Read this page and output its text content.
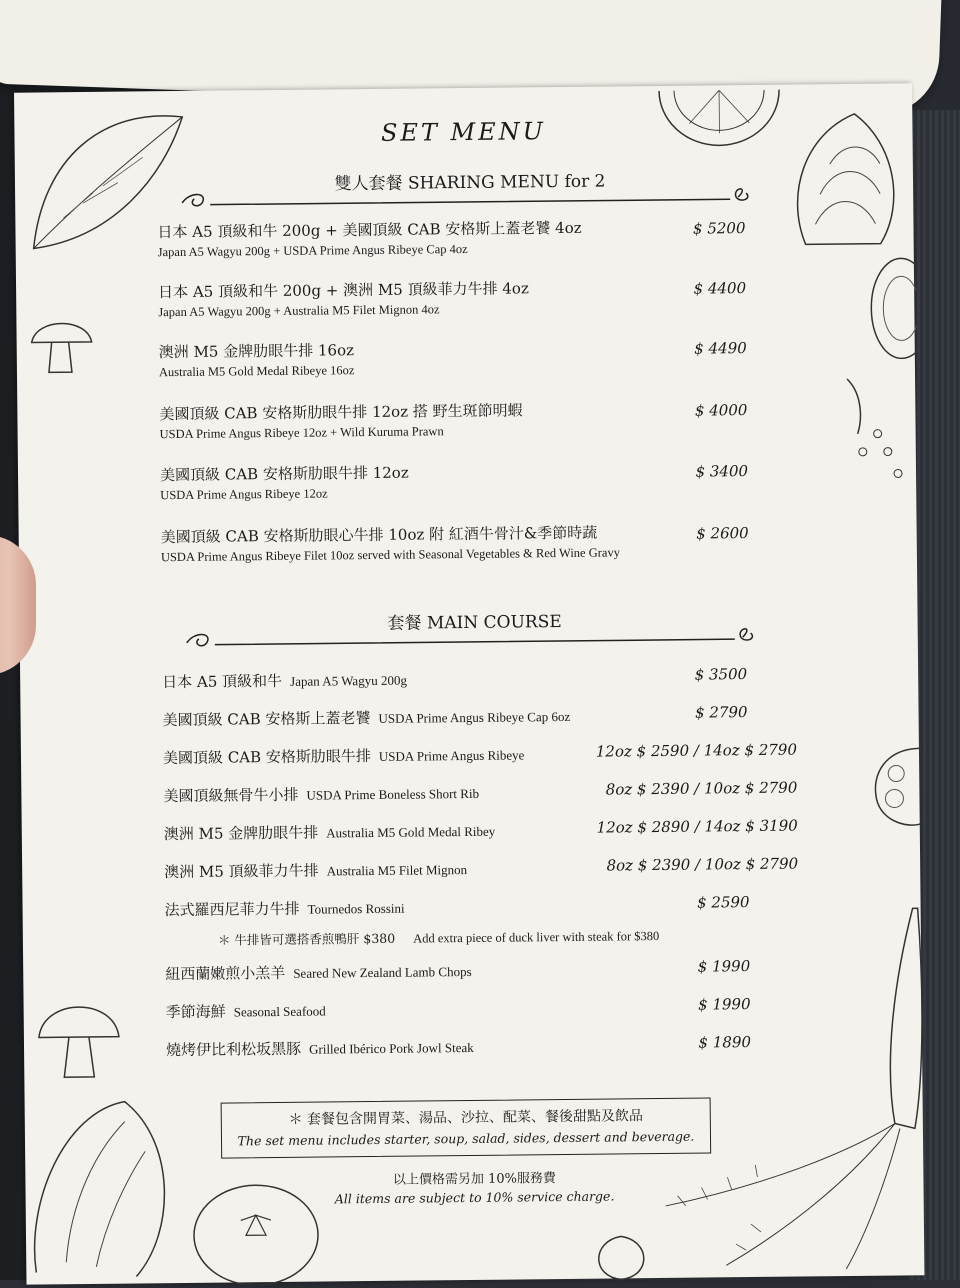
SET MENU
雙人套餐 SHARING MENU for 2
日本 A5 頂級和牛 200g + 美國頂級 CAB 安格斯上蓋老饕 4oz
Japan A5 Wagyu 200g + USDA Prime Angus Ribeye Cap 4oz
$ 5200
日本 A5 頂級和牛 200g + 澳洲 M5 頂級菲力牛排 4oz
Japan A5 Wagyu 200g + Australia M5 Filet Mignon 4oz
$ 4400
澳洲 M5 金牌肋眼牛排 16oz
Australia M5 Gold Medal Ribeye 16oz
$ 4490
美國頂級 CAB 安格斯肋眼牛排 12oz 搭 野生斑節明蝦
USDA Prime Angus Ribeye 12oz + Wild Kuruma Prawn
$ 4000
美國頂級 CAB 安格斯肋眼牛排 12oz
USDA Prime Angus Ribeye 12oz
$ 3400
美國頂級 CAB 安格斯肋眼心牛排 10oz 附 紅酒牛骨汁&季節時蔬
USDA Prime Angus Ribeye Filet 10oz served with Seasonal Vegetables & Red Wine Gravy
$ 2600
套餐 MAIN COURSE
日本 A5 頂級和牛 Japan A5 Wagyu 200g	$ 3500
美國頂級 CAB 安格斯上蓋老饕 USDA Prime Angus Ribeye Cap 6oz	$ 2790
美國頂級 CAB 安格斯肋眼牛排 USDA Prime Angus Ribeye	12oz $ 2590 / 14oz $ 2790
美國頂級無骨牛小排 USDA Prime Boneless Short Rib	8oz $ 2390 / 10oz $ 2790
澳洲 M5 金牌肋眼牛排 Australia M5 Gold Medal Ribey	12oz $ 2890 / 14oz $ 3190
澳洲 M5 頂級菲力牛排 Australia M5 Filet Mignon	8oz $ 2390 / 10oz $ 2790
法式羅西尼菲力牛排 Tournedos Rossini	$ 2590
＊ 牛排皆可選搭香煎鴨肝 $380 Add extra piece of duck liver with steak for $380
紐西蘭嫩煎小羔羊 Seared New Zealand Lamb Chops	$ 1990
季節海鮮 Seasonal Seafood	$ 1990
燒烤伊比利松坂黑豚 Grilled Ibérico Pork Jowl Steak	$ 1890
＊ 套餐包含開胃菜、湯品、沙拉、配菜、餐後甜點及飲品
The set menu includes starter, soup, salad, sides, dessert and beverage.
以上價格需另加 10%服務費
All items are subject to 10% service charge.
